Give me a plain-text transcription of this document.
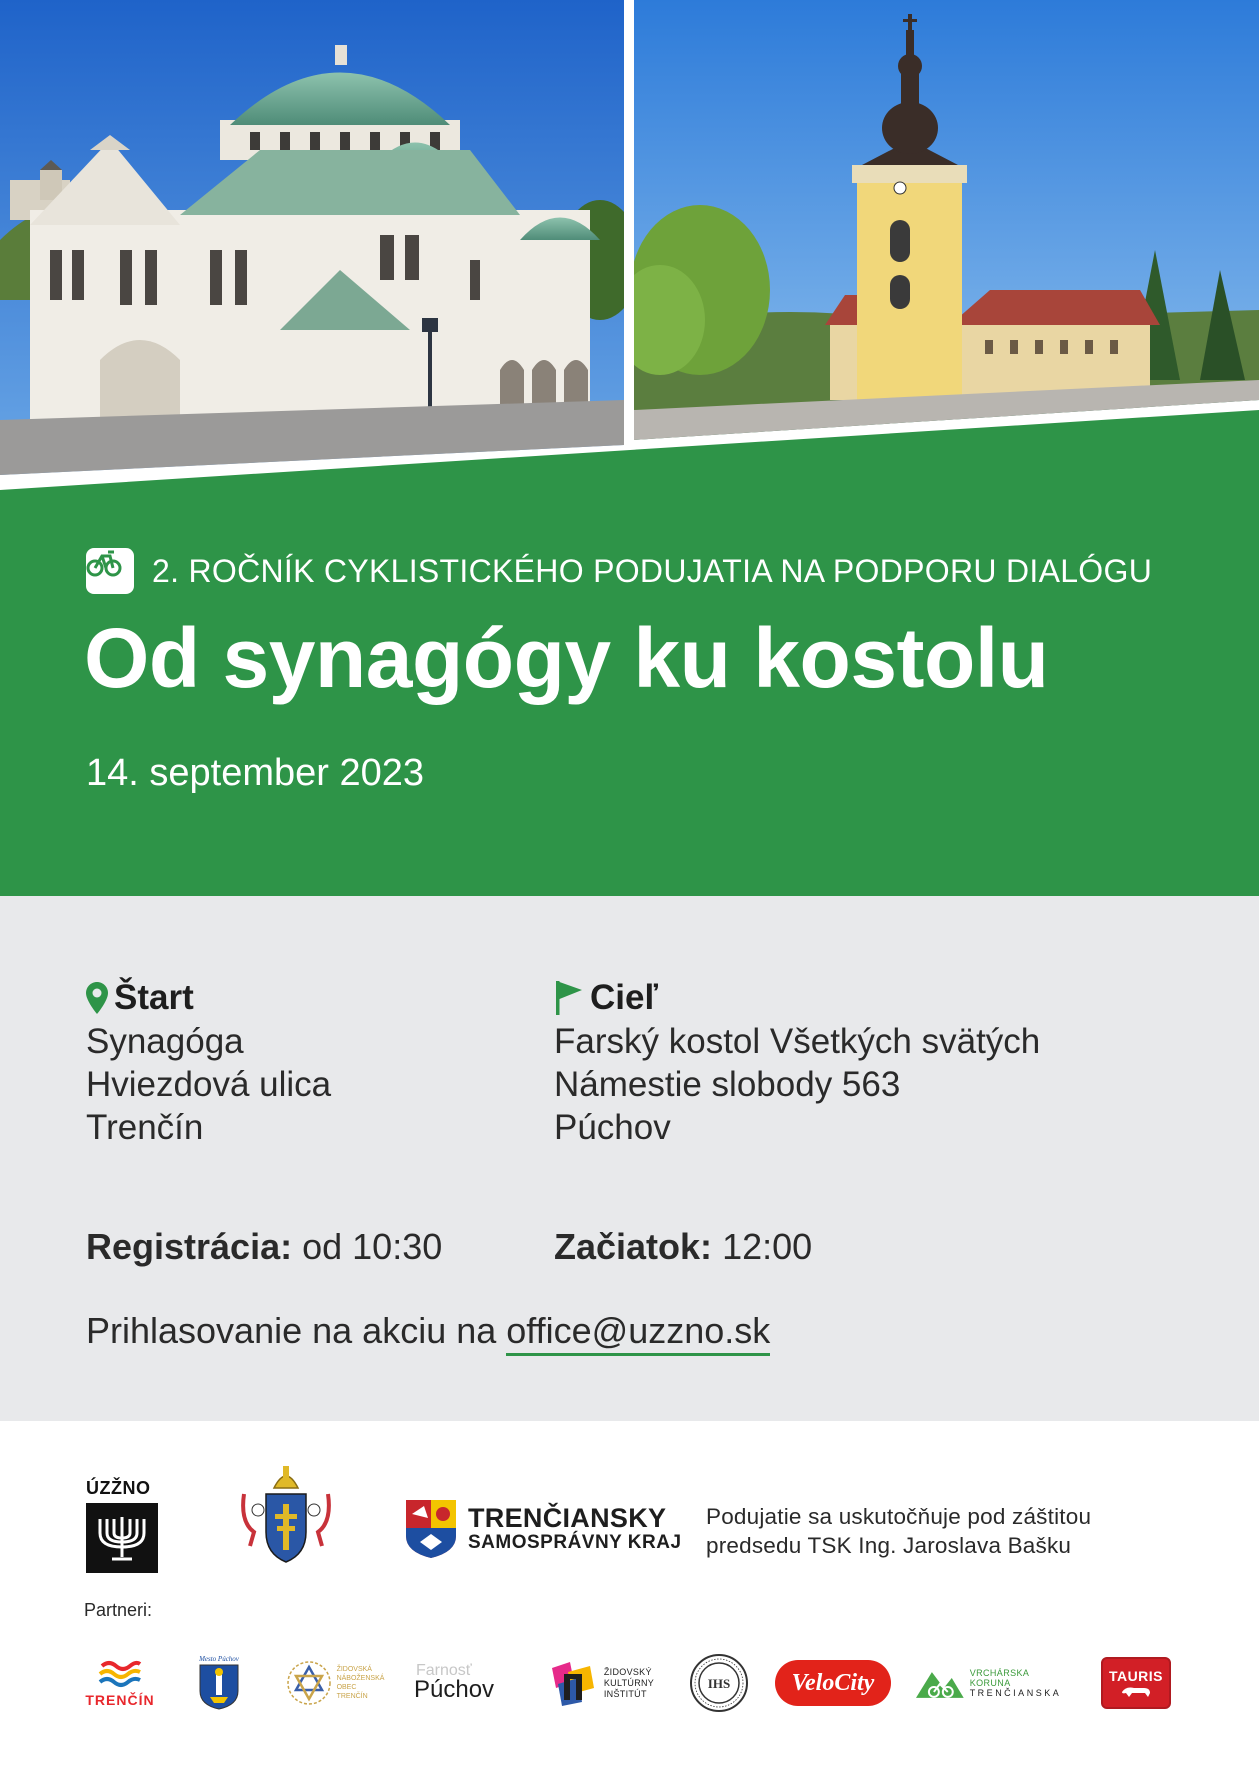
2. ROČNÍK CYKLISTICKÉHO PODUJATIA NA PODPORU DIALÓGU
Od synagógy ku kostolu
14. september 2023
Štart
Synagóga
Hviezdová ulica
Trenčín
Cieľ
Farský kostol Všetkých svätých
Námestie slobody 563
Púchov
Registrácia: od 10:30	Začiatok: 12:00
Prihlasovanie na akciu na office@uzzno.sk
ÚZŽNO
TRENČIANSKY
SAMOSPRÁVNY KRAJ
Podujatie sa uskutočňuje pod záštitou
predsedu TSK Ing. Jaroslava Bašku
Partneri:
TRENČÍN
Mesto Púchov
ŽIDOVSKÁ
NÁBOŽENSKÁ
OBEC
TRENČÍN
Farnosť
Púchov
ŽIDOVSKÝ
KULTÚRNY
INŠTITÚT
IHS	VeloCity	VRCHÁRSKA KORUNA
TRENČIANSKA
TAURIS
